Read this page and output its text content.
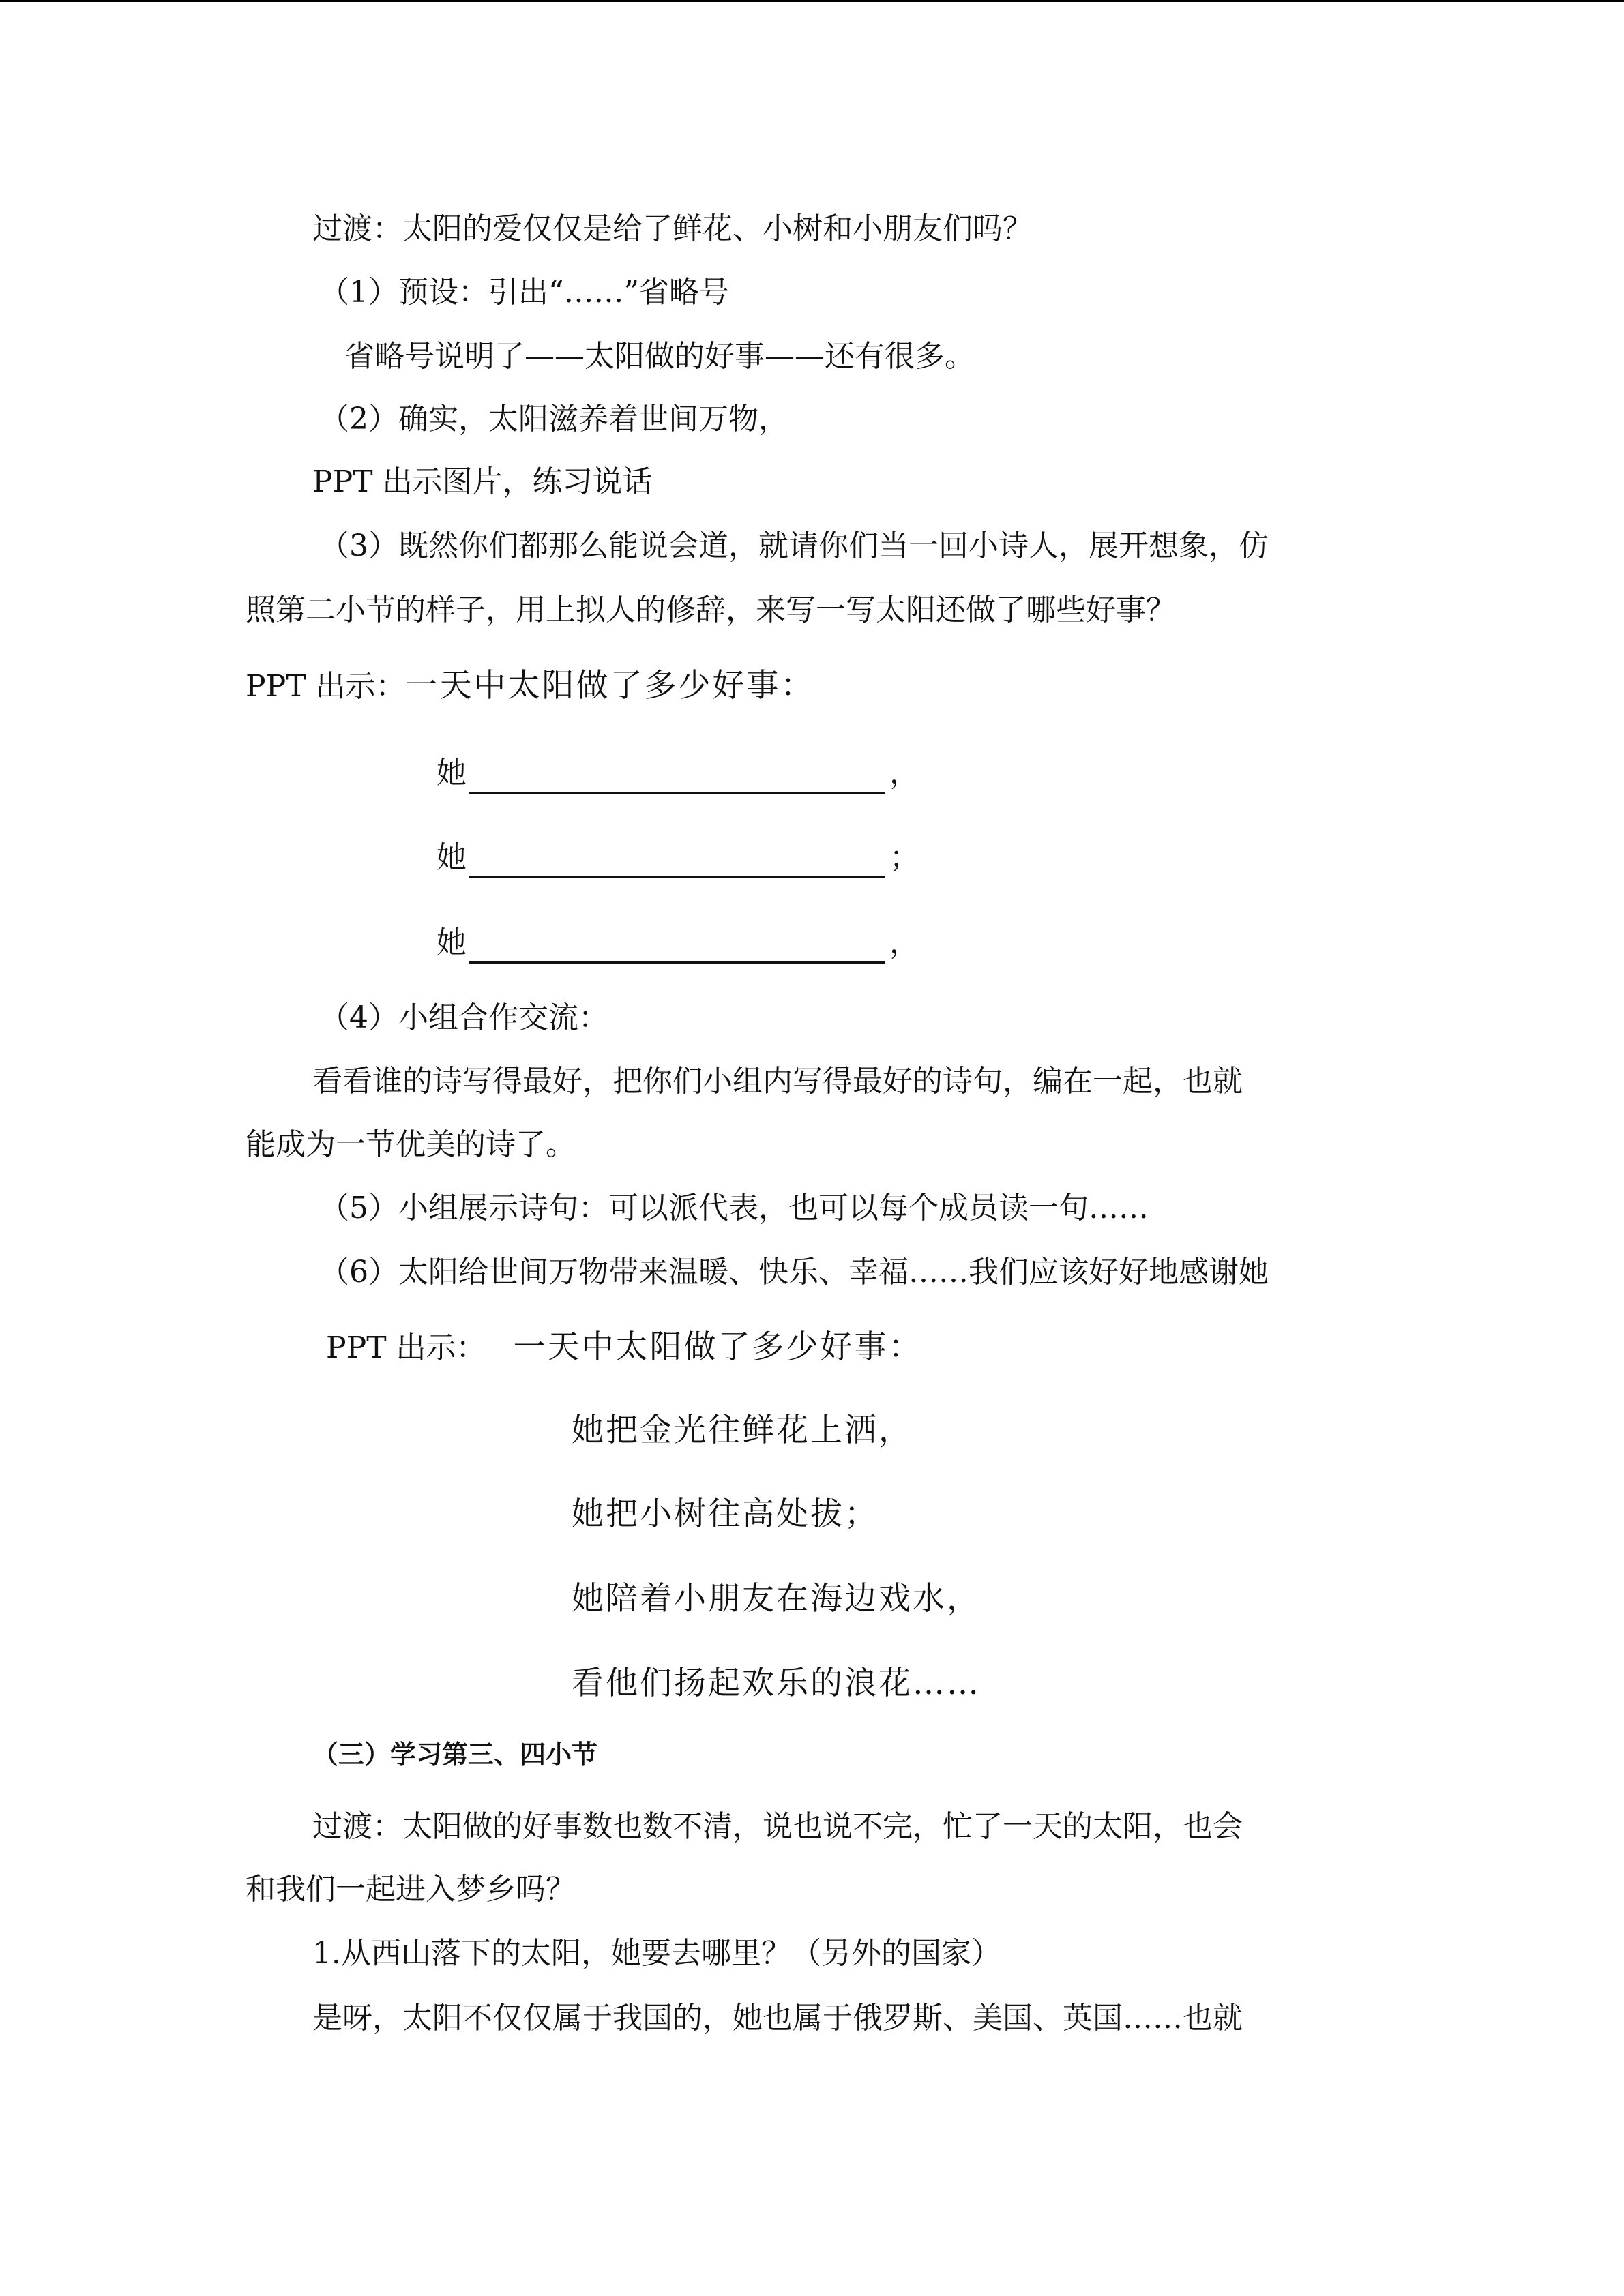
过渡：太阳的爱仅仅是给了鲜花、小树和小朋友们吗？
（1）预设：引出“……”省略号
省略号说明了——太阳做的好事——还有很多。
（2）确实，太阳滋养着世间万物，
PPT 出示图片，练习说话
（3）既然你们都那么能说会道，就请你们当一回小诗人，展开想象，仿
照第二小节的样子，用上拟人的修辞，来写一写太阳还做了哪些好事？
PPT 出示：一天中太阳做了多少好事：
她	，
她	；
她	，
（4）小组合作交流：
看看谁的诗写得最好，把你们小组内写得最好的诗句，编在一起，也就
能成为一节优美的诗了。
（5）小组展示诗句：可以派代表，也可以每个成员读一句……
（6）太阳给世间万物带来温暖、快乐、幸福……我们应该好好地感谢她
PPT 出示： 一天中太阳做了多少好事：
她把金光往鲜花上洒，
她把小树往高处拔；
她陪着小朋友在海边戏水，
看他们扬起欢乐的浪花……
（三）学习第三、四小节
过渡：太阳做的好事数也数不清，说也说不完，忙了一天的太阳，也会
和我们一起进入梦乡吗？
1.从西山落下的太阳，她要去哪里？（另外的国家）
是呀，太阳不仅仅属于我国的，她也属于俄罗斯、美国、英国……也就
